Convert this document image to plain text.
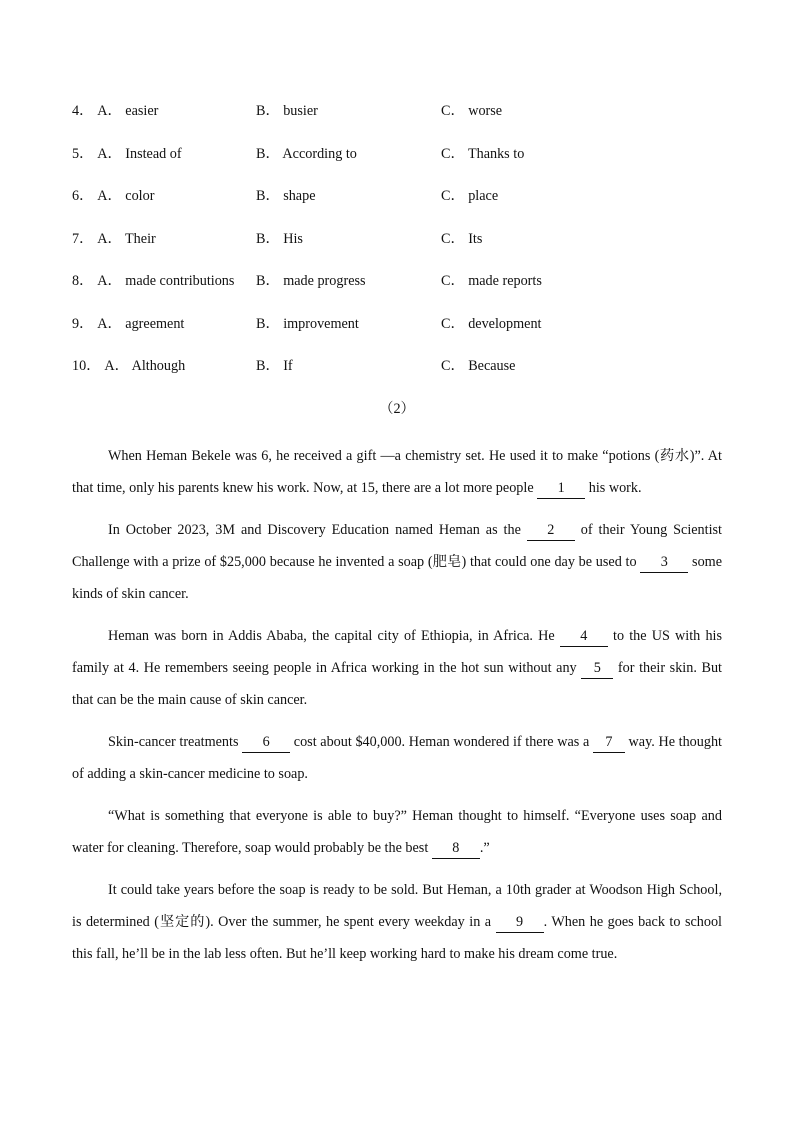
4． A． easier	B． busier	C． worse
5． A． Instead of	B． According to	C． Thanks to
6． A． color	B． shape	C． place
7． A． Their	B． His	C． Its
8． A． made contributions B． made progress	C． made reports
9． A． agreement	B． improvement	C． development
10． A． Although	B． If	C． Because
（2）

When Heman Bekele was 6, he received a gift —a chemistry set. He used it to make “potions (药水)”. At that time, only his parents knew his work. Now, at 15, there are a lot more people 1 his work.

In October 2023, 3M and Discovery Education named Heman as the 2 of their Young Scientist Challenge with a prize of $25,000 because he invented a soap (肥皂) that could one day be used to 3 some kinds of skin cancer.

Heman was born in Addis Ababa, the capital city of Ethiopia, in Africa. He 4 to the US with his family at 4. He remembers seeing people in Africa working in the hot sun without any 5 for their skin. But that can be the main cause of skin cancer.

Skin-cancer treatments 6 cost about $40,000. Heman wondered if there was a 7 way. He thought of adding a skin-cancer medicine to soap.

“What is something that everyone is able to buy?” Heman thought to himself. “Everyone uses soap and water for cleaning. Therefore, soap would probably be the best 8 .”

It could take years before the soap is ready to be sold. But Heman, a 10th grader at Woodson High School, is determined (坚定的). Over the summer, he spent every weekday in a 9 . When he goes back to school this fall, he’ll be in the lab less often. But he’ll keep working hard to make his dream come true.
